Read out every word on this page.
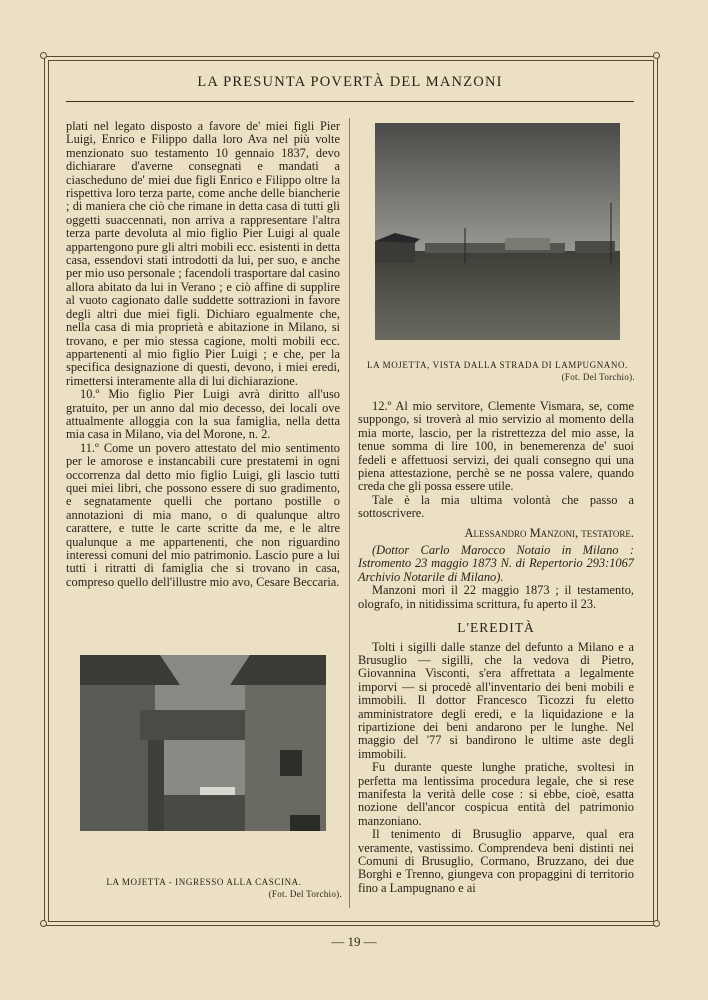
LA PRESUNTA POVERTÀ DEL MANZONI

plati nel legato disposto a favore de' miei figli Pier Luigi, Enrico e Filippo dalla loro Ava nel più volte menzionato suo testamento 10 gennaio 1837, devo dichiarare d'averne consegnati e mandati a ciascheduno de' miei due figli Enrico e Filippo oltre la rispettiva loro terza parte, come anche delle biancherie ; di maniera che ciò che rimane in detta casa di tutti gli oggetti suaccennati, non arriva a rappresentare l'altra terza parte devoluta al mio figlio Pier Luigi al quale appartengono pure gli altri mobili ecc. esistenti in detta casa, essendovi stati introdotti da lui, per suo, e anche per mio uso personale ; facendoli trasportare dal casino allora abitato da lui in Verano ; e ciò affine di supplire al vuoto cagionato dalle suddette sottrazioni in favore degli altri due miei figli. Dichiaro egualmente che, nella casa di mia proprietà e abitazione in Milano, si trovano, e per mio stessa cagione, molti mobili ecc. appartenenti al mio figlio Pier Luigi ; e che, per la specifica designazione di questi, devono, i miei eredi, rimettersi interamente alla di lui dichiarazione.

10.º Mio figlio Pier Luigi avrà diritto all'uso gratuito, per un anno dal mio decesso, dei locali ove attualmente alloggia con la sua famiglia, nella detta mia casa in Milano, via del Morone, n. 2.

11.º Come un povero attestato del mio sentimento per le amorose e instancabili cure prestatemi in ogni occorrenza dal detto mio figlio Luigi, gli lascio tutti quei miei libri, che possono essere di suo gradimento, e segnatamente quelli che portano postille o annotazioni di mia mano, o di qualunque altro carattere, e tutte le carte scritte da me, e le altre qualunque a me appartenenti, che non riguardino interessi comuni del mio patrimonio. Lascio pure a lui tutti i ritratti di famiglia che si trovano in casa, compreso quello dell'illustre mio avo, Cesare Beccaria.

LA MOJETTA, VISTA DALLA STRADA DI LAMPUGNANO.
(Fot. Del Torchio).
LA MOJETTA - INGRESSO ALLA CASCINA.
(Fot. Del Torchio).

12.º Al mio servitore, Clemente Vismara, se, come suppongo, si troverà al mio servizio al momento della mia morte, lascio, per la ristrettezza del mio asse, la tenue somma di lire 100, in benemerenza de' suoi fedeli e affettuosi servizi, dei quali consegno qui una piena attestazione, perchè se ne possa valere, quando creda che gli possa essere utile.

Tale è la mia ultima volontà che passo a sottoscrivere.

Alessandro Manzoni, testatore.

(Dottor Carlo Marocco Notaio in Milano : Istromento 23 maggio 1873 N. di Repertorio 293:1067 Archivio Notarile di Milano).

Manzoni morì il 22 maggio 1873 ; il testamento, olografo, in nitidissima scrittura, fu aperto il 23.

L'EREDITÀ

Tolti i sigilli dalle stanze del defunto a Milano e a Brusuglio — sigilli, che la vedova di Pietro, Giovannina Visconti, s'era affrettata a legalmente imporvi — si procedè all'inventario dei beni mobili e immobili. Il dottor Francesco Ticozzi fu eletto amministratore degli eredi, e la liquidazione e la ripartizione dei beni andarono per le lunghe. Nel maggio del '77 si bandirono le ultime aste degli immobili.

Fu durante queste lunghe pratiche, svoltesi in perfetta ma lentissima procedura legale, che si rese manifesta la verità delle cose : si ebbe, cioè, esatta nozione dell'ancor cospicua entità del patrimonio manzoniano.

Il tenimento di Brusuglio apparve, qual era veramente, vastissimo. Comprendeva beni distinti nei Comuni di Brusuglio, Cormano, Bruzzano, dei due Borghi e Trenno, giungeva con propaggini di territorio fino a Lampugnano e ai

— 19 —
